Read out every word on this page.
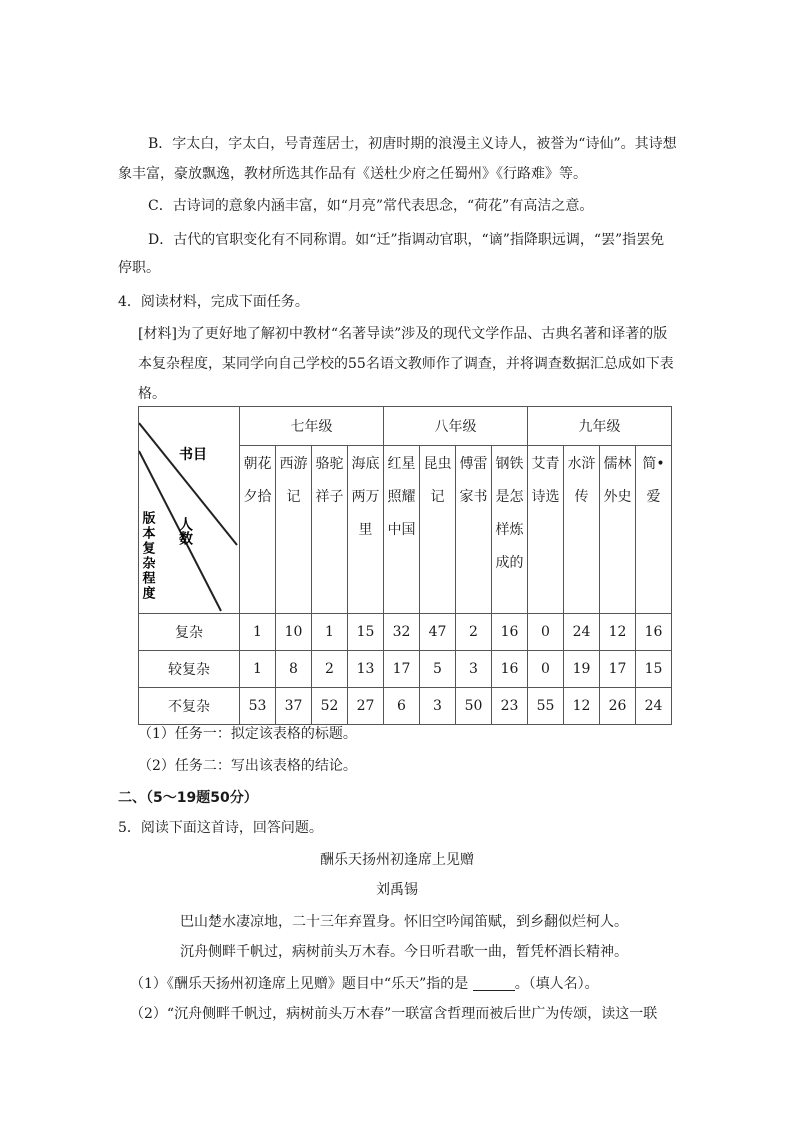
B．字太白，字太白，号青莲居士，初唐时期的浪漫主义诗人，被誉为“诗仙”。其诗想
象丰富，豪放飘逸，教材所选其作品有《送杜少府之任蜀州》《行路难》等。
C．古诗词的意象内涵丰富，如“月亮”常代表思念，“荷花”有高洁之意。
D．古代的官职变化有不同称谓。如“迁”指调动官职，“谪”指降职远调，“罢”指罢免
停职。
4．阅读材料，完成下面任务。
[材料]为了更好地了解初中教材“名著导读”涉及的现代文学作品、古典名著和译著的版
本复杂程度，某同学向自己学校的55名语文教师作了调查，并将调查数据汇总成如下表
格。
书目
人数
版本复杂程度	七年级				八年级				九年级			

	朝花夕拾	西游记	骆驼祥子	海底两万里	红星照耀中国	昆虫记	傅雷家书	钢铁是怎样炼成的	艾青诗选	水浒传	儒林外史	简•爱

复杂	1	10	1	15	32	47	2	16	0	24	12	16
较复杂	1	8	2	13	17	5	3	16	0	19	17	15
不复杂	53	37	52	27	6	3	50	23	55	12	26	24
（1）任务一：拟定该表格的标题。
（2）任务二：写出该表格的结论。
二、（5～19题50分）
5．阅读下面这首诗，回答问题。
酬乐天扬州初逢席上见赠
刘禹锡
巴山楚水凄凉地，二十三年弃置身。怀旧空吟闻笛赋，到乡翻似烂柯人。
沉舟侧畔千帆过，病树前头万木春。今日听君歌一曲，暂凭杯酒长精神。
（1）《酬乐天扬州初逢席上见赠》题目中“乐天”指的是	。（填人名）。
（2）“沉舟侧畔千帆过，病树前头万木春”一联富含哲理而被后世广为传颂，读这一联
